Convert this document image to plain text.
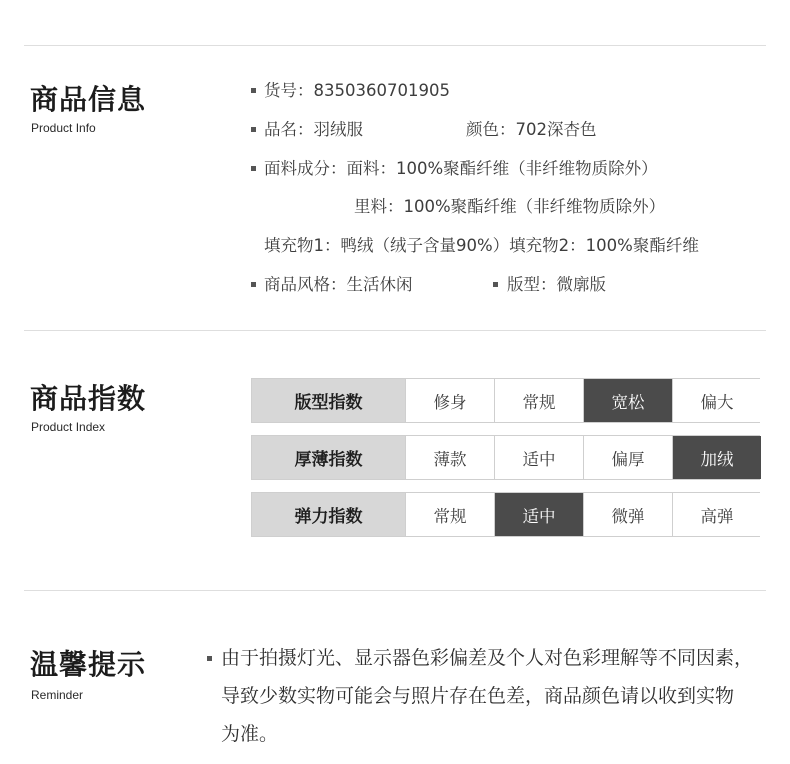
商品信息
Product Info
货号：8350360701905
品名：羽绒服	颜色：702深杏色
面料成分：面料：100%聚酯纤维（非纤维物质除外）
里料：100%聚酯纤维（非纤维物质除外）
填充物1：鸭绒（绒子含量90%）填充物2：100%聚酯纤维
商品风格：生活休闲	版型：微廓版
商品指数
Product Index
版型指数	修身	常规	宽松	偏大
厚薄指数	薄款	适中	偏厚	加绒
弹力指数	常规	适中	微弹	高弹
温馨提示
Reminder
由于拍摄灯光、显示器色彩偏差及个人对色彩理解等不同因素，
导致少数实物可能会与照片存在色差，商品颜色请以收到实物
为准。
